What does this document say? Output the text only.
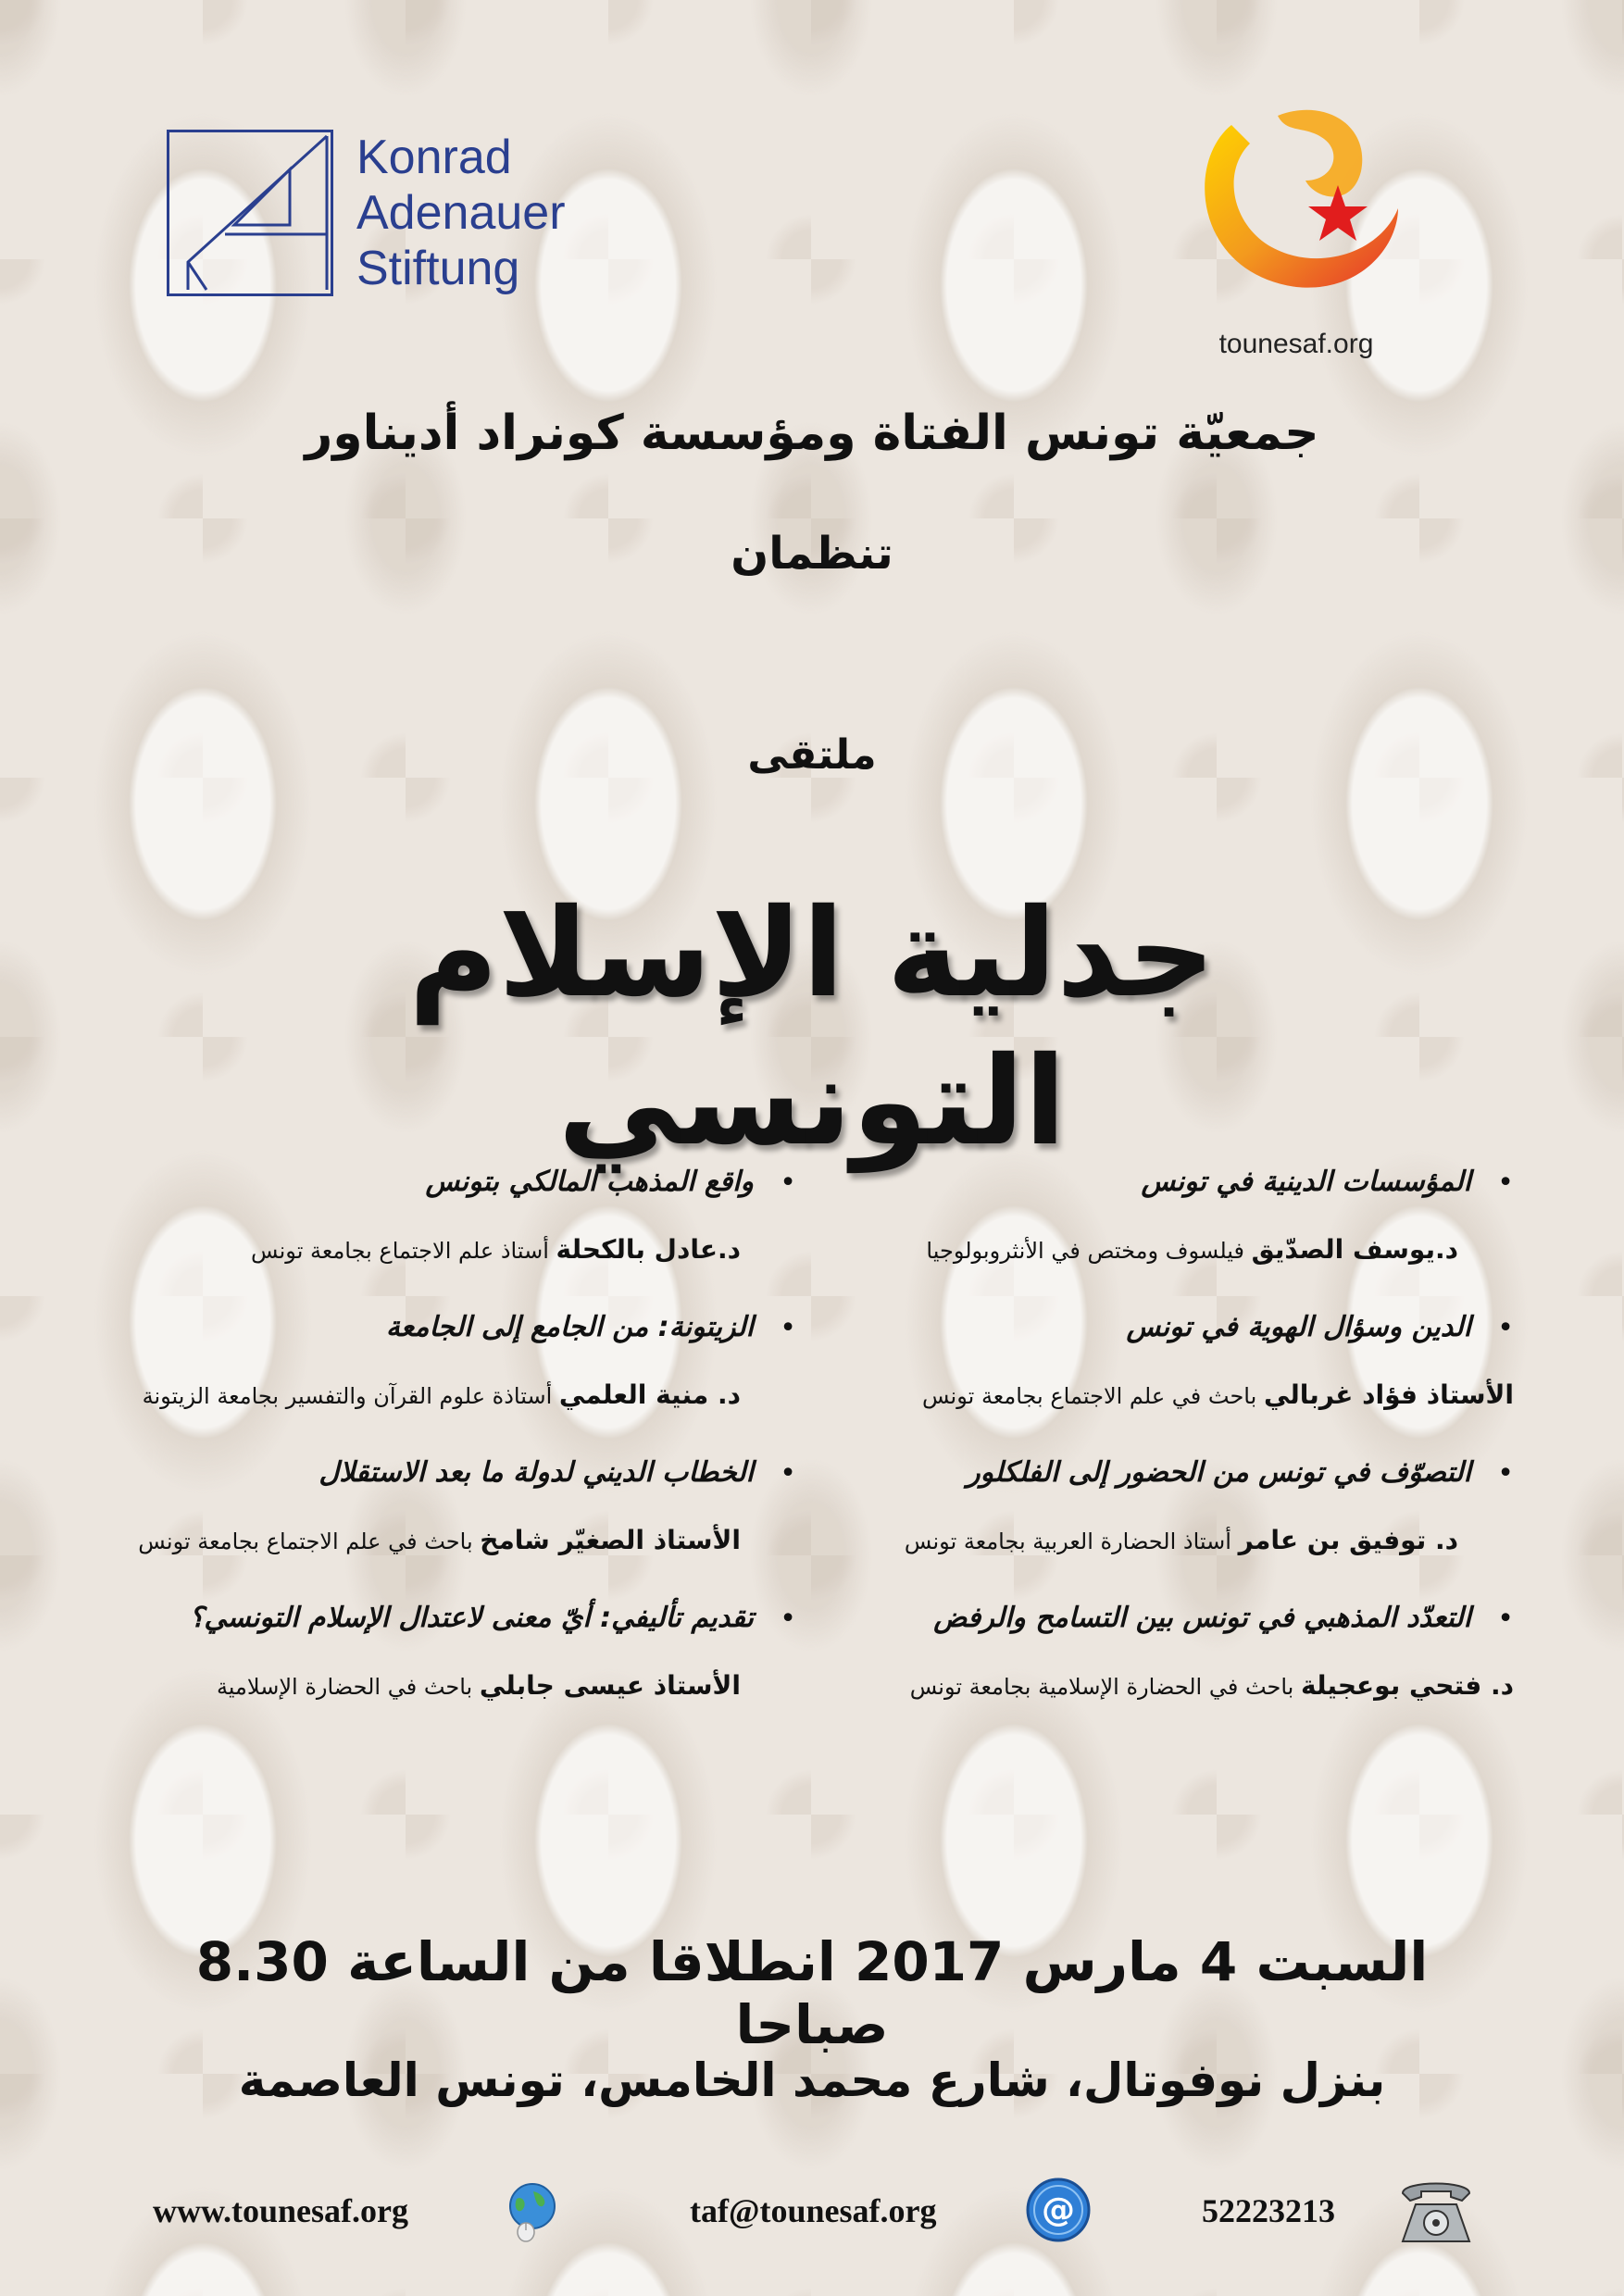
Konrad
Adenauer
Stiftung
tounesaf.org
جمعيّة تونس الفتاة ومؤسسة كونراد أديناور
تنظمان
ملتقى
جدلية الإسلام التونسي
•
المؤسسات الدينية في تونس
د.يوسف الصدّيق فيلسوف ومختص في الأنثروبولوجيا
•
الدين وسؤال الهوية في تونس
الأستاذ فؤاد غربالي باحث في علم الاجتماع بجامعة تونس
•
التصوّف في تونس من الحضور إلى الفلكلور
د. توفيق بن عامر أستاذ الحضارة العربية بجامعة تونس
•
التعدّد المذهبي في تونس بين التسامح والرفض
د. فتحي بوعجيلة باحث في الحضارة الإسلامية بجامعة تونس
•
واقع المذهب المالكي بتونس
د.عادل بالكحلة أستاذ علم الاجتماع بجامعة تونس
•
الزيتونة: من الجامع إلى الجامعة
د. منية العلمي أستاذة علوم القرآن والتفسير بجامعة الزيتونة
•
الخطاب الديني لدولة ما بعد الاستقلال
الأستاذ الصغيّر شامخ باحث في علم الاجتماع بجامعة تونس
•
تقديم تأليفي: أيّ معنى لاعتدال الإسلام التونسي؟
الأستاذ عيسى جابلي باحث في الحضارة الإسلامية
السبت 4 مارس 2017 انطلاقا من الساعة 8.30 صباحا
بنزل نوفوتال، شارع محمد الخامس، تونس العاصمة
www.tounesaf.org	taf@tounesaf.org	@	52223213
